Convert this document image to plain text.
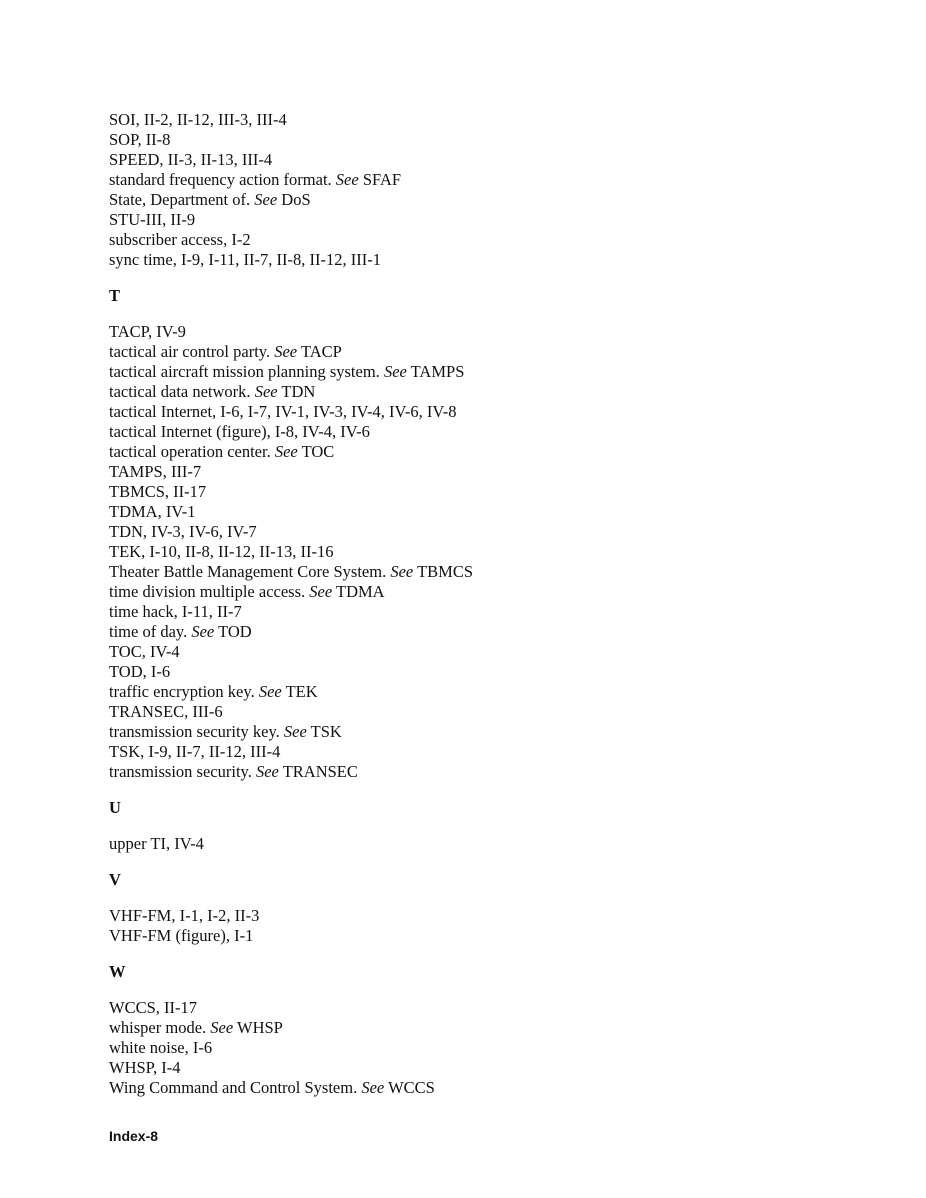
SOI, II-2, II-12, III-3, III-4
SOP, II-8
SPEED, II-3, II-13, III-4
standard frequency action format. See SFAF
State, Department of. See DoS
STU-III, II-9
subscriber access, I-2
sync time, I-9, I-11, II-7, II-8, II-12, III-1
T
TACP, IV-9
tactical air control party. See TACP
tactical aircraft mission planning system. See TAMPS
tactical data network. See TDN
tactical Internet, I-6, I-7, IV-1, IV-3, IV-4, IV-6, IV-8
tactical Internet (figure), I-8, IV-4, IV-6
tactical operation center. See TOC
TAMPS, III-7
TBMCS, II-17
TDMA, IV-1
TDN, IV-3, IV-6, IV-7
TEK, I-10, II-8, II-12, II-13, II-16
Theater Battle Management Core System. See TBMCS
time division multiple access. See TDMA
time hack, I-11, II-7
time of day. See TOD
TOC, IV-4
TOD, I-6
traffic encryption key. See TEK
TRANSEC, III-6
transmission security key. See TSK
TSK, I-9, II-7, II-12, III-4
transmission security. See TRANSEC
U
upper TI, IV-4
V
VHF-FM, I-1, I-2, II-3
VHF-FM (figure), I-1
W
WCCS, II-17
whisper mode. See WHSP
white noise, I-6
WHSP, I-4
Wing Command and Control System. See WCCS
Index-8
